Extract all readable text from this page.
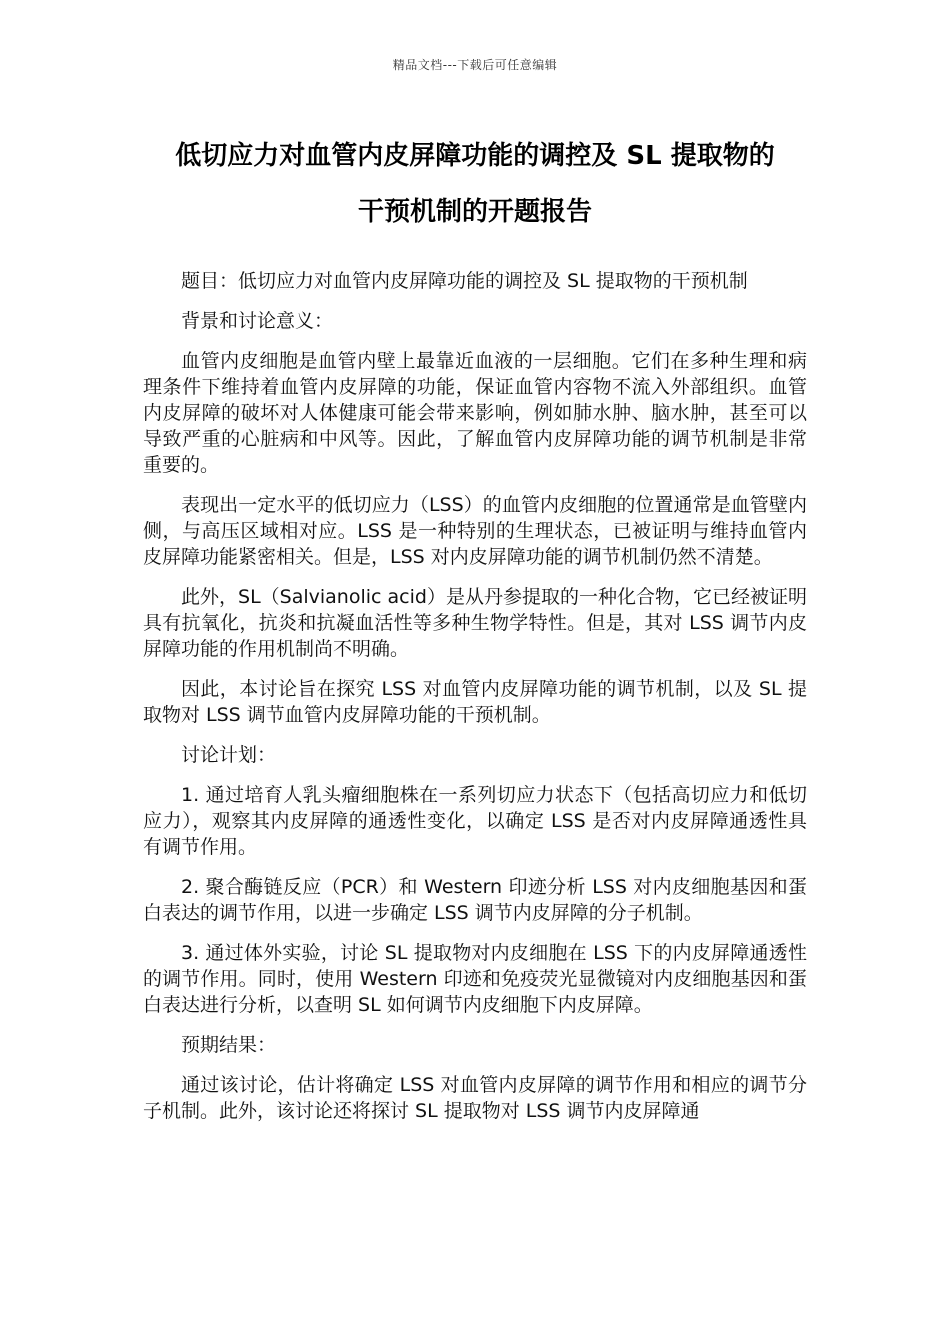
精品文档---下载后可任意编辑
低切应力对血管内皮屏障功能的调控及 SL 提取物的
干预机制的开题报告

题目：低切应力对血管内皮屏障功能的调控及 SL 提取物的干预机制

背景和讨论意义：

血管内皮细胞是血管内壁上最靠近血液的一层细胞。它们在多种生理和病理条件下维持着血管内皮屏障的功能，保证血管内容物不流入外部组织。血管内皮屏障的破坏对人体健康可能会带来影响，例如肺水肿、脑水肿，甚至可以导致严重的心脏病和中风等。因此，了解血管内皮屏障功能的调节机制是非常重要的。

表现出一定水平的低切应力（LSS）的血管内皮细胞的位置通常是血管壁内侧，与高压区域相对应。LSS 是一种特别的生理状态，已被证明与维持血管内皮屏障功能紧密相关。但是，LSS 对内皮屏障功能的调节机制仍然不清楚。

此外，SL（Salvianolic acid）是从丹参提取的一种化合物，它已经被证明具有抗氧化，抗炎和抗凝血活性等多种生物学特性。但是，其对 LSS 调节内皮屏障功能的作用机制尚不明确。

因此，本讨论旨在探究 LSS 对血管内皮屏障功能的调节机制，以及 SL 提取物对 LSS 调节血管内皮屏障功能的干预机制。

讨论计划：

1. 通过培育人乳头瘤细胞株在一系列切应力状态下（包括高切应力和低切应力），观察其内皮屏障的通透性变化，以确定 LSS 是否对内皮屏障通透性具有调节作用。

2. 聚合酶链反应（PCR）和 Western 印迹分析 LSS 对内皮细胞基因和蛋白表达的调节作用，以进一步确定 LSS 调节内皮屏障的分子机制。

3. 通过体外实验，讨论 SL 提取物对内皮细胞在 LSS 下的内皮屏障通透性的调节作用。同时，使用 Western 印迹和免疫荧光显微镜对内皮细胞基因和蛋白表达进行分析，以查明 SL 如何调节内皮细胞下内皮屏障。

预期结果：

通过该讨论，估计将确定 LSS 对血管内皮屏障的调节作用和相应的调节分子机制。此外，该讨论还将探讨 SL 提取物对 LSS 调节内皮屏障通
